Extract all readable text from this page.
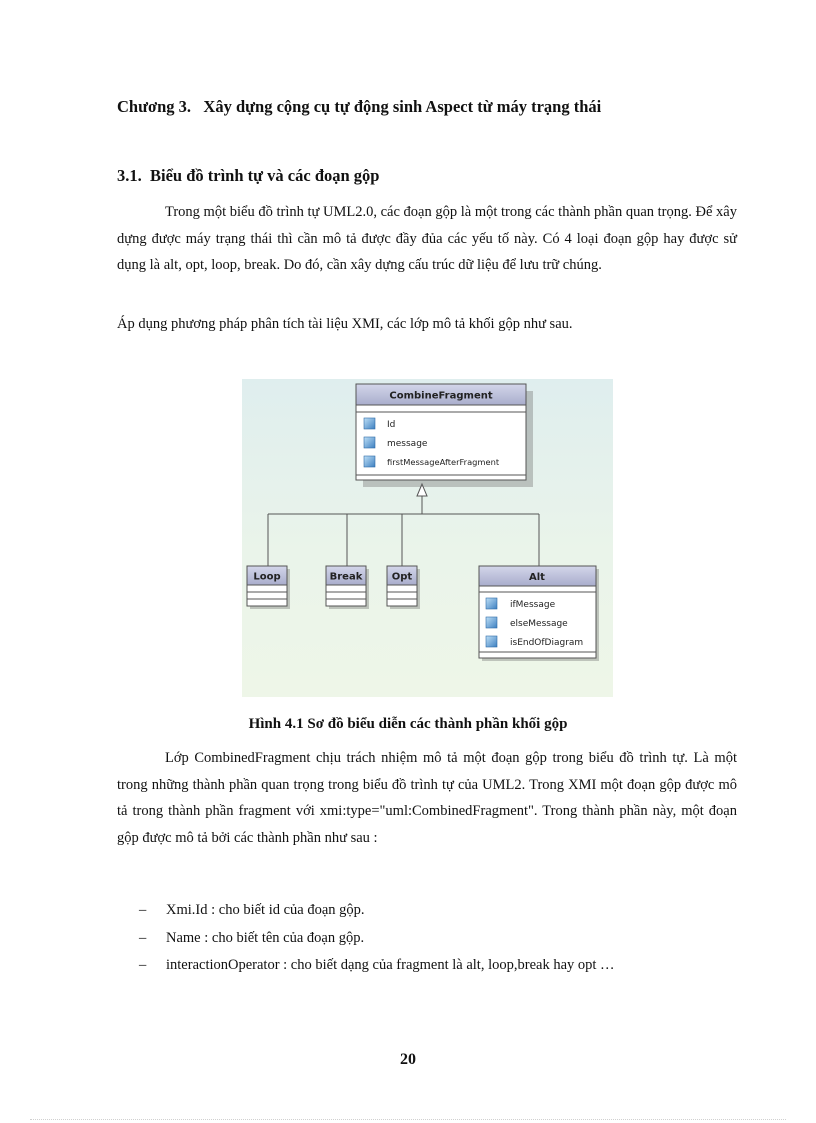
Chương 3.   Xây dựng cộng cụ tự động sinh Aspect từ máy trạng thái
3.1.  Biểu đồ trình tự và các đoạn gộp

Trong một biểu đồ trình tự UML2.0, các đoạn gộp là một trong các thành phần quan trọng. Để xây dựng được máy trạng thái thì cần mô tả được đầy đủa các yếu tố này. Có 4 loại đoạn gộp hay được sử dụng là alt, opt, loop, break. Do đó, cần xây dựng cấu trúc dữ liệu để lưu trữ chúng.

Áp dụng phương pháp phân tích tài liệu XMI, các lớp mô tả khối gộp như sau.

CombineFragment
Id
message
firstMessageAfterFragment
Loop	Break	Opt	Alt
ifMessage
elseMessage
isEndOfDiagram
Hình 4.1 Sơ đồ biểu diễn các thành phần khối gộp

Lớp CombinedFragment chịu trách nhiệm mô tả một đoạn gộp trong biểu đồ trình tự. Là một trong những thành phần quan trọng trong biểu đồ trình tự của UML2. Trong XMI một đoạn gộp được mô tả trong thành phần fragment với xmi:type="uml:CombinedFragment". Trong thành phần này, một đoạn gộp được mô tả bởi các thành phần như sau :

– Xmi.Id : cho biết id của đoạn gộp.
– Name : cho biết tên của đoạn gộp.
– interactionOperator : cho biết dạng của fragment là alt, loop,break hay opt …
20
